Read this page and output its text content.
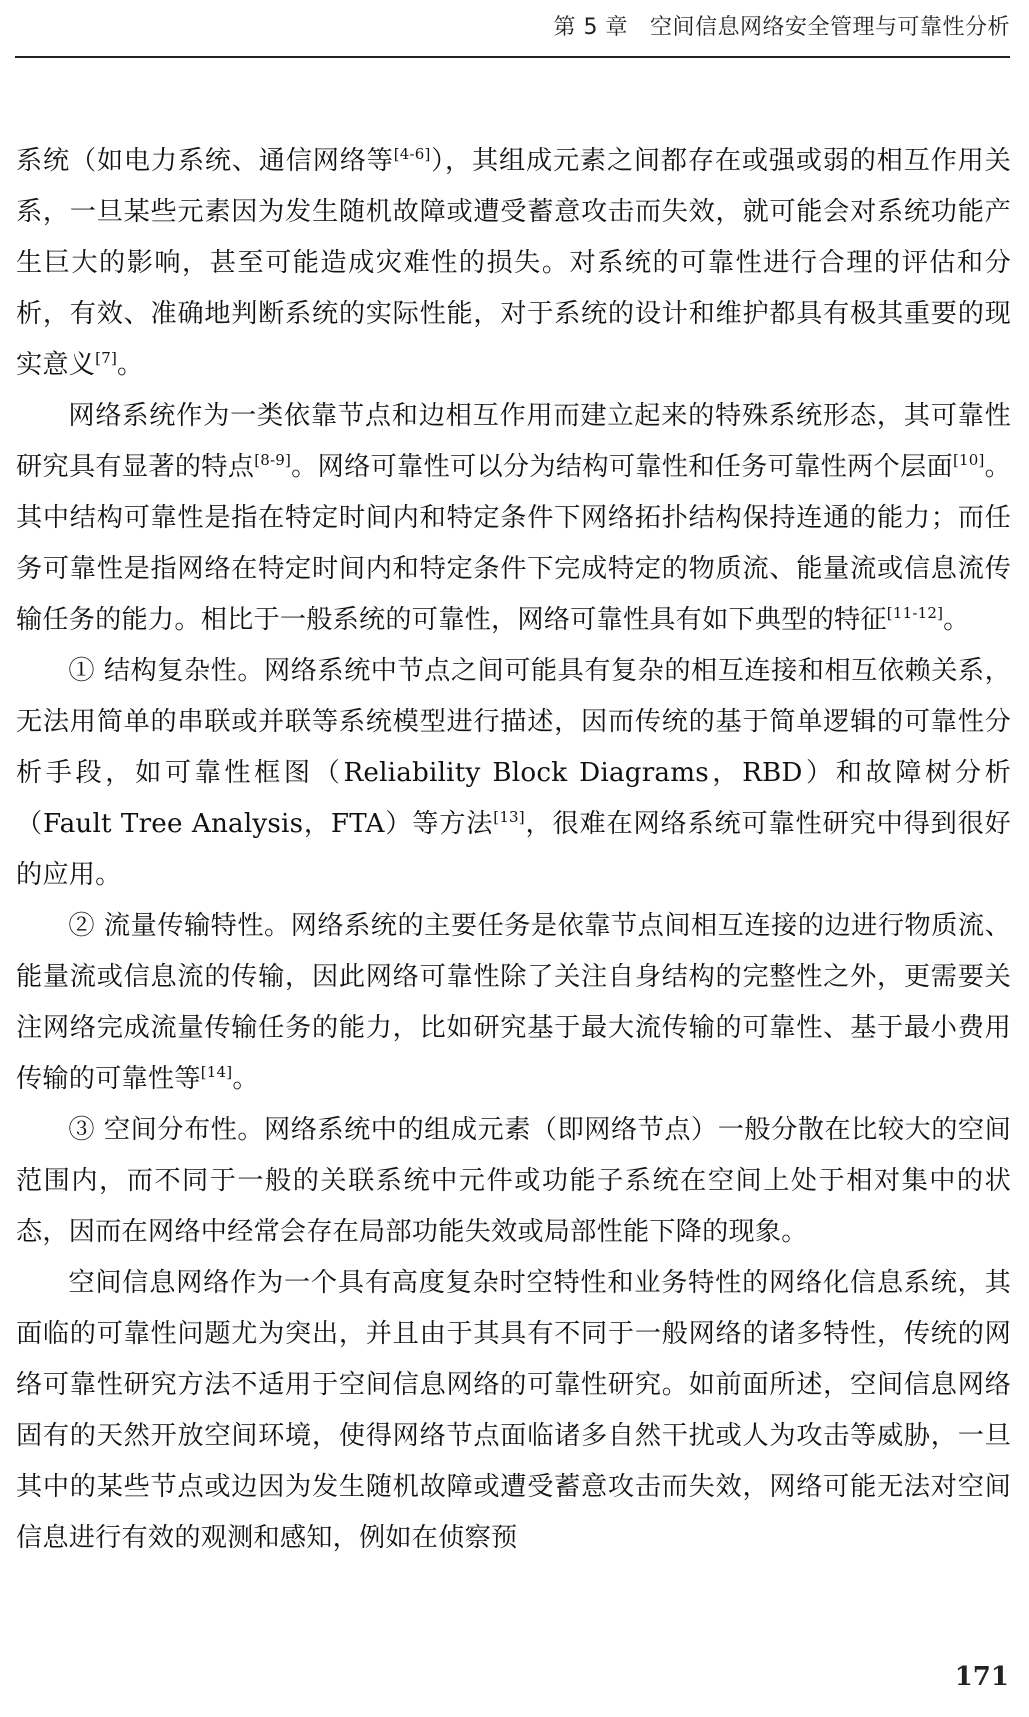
第 5 章 空间信息网络安全管理与可靠性分析

系统（如电力系统、通信网络等[4-6]），其组成元素之间都存在或强或弱的相互作用关系，一旦某些元素因为发生随机故障或遭受蓄意攻击而失效，就可能会对系统功能产生巨大的影响，甚至可能造成灾难性的损失。对系统的可靠性进行合理的评估和分析，有效、准确地判断系统的实际性能，对于系统的设计和维护都具有极其重要的现实意义[7]。

网络系统作为一类依靠节点和边相互作用而建立起来的特殊系统形态，其可靠性研究具有显著的特点[8-9]。网络可靠性可以分为结构可靠性和任务可靠性两个层面[10]。其中结构可靠性是指在特定时间内和特定条件下网络拓扑结构保持连通的能力；而任务可靠性是指网络在特定时间内和特定条件下完成特定的物质流、能量流或信息流传输任务的能力。相比于一般系统的可靠性，网络可靠性具有如下典型的特征[11-12]。

① 结构复杂性。网络系统中节点之间可能具有复杂的相互连接和相互依赖关系，无法用简单的串联或并联等系统模型进行描述，因而传统的基于简单逻辑的可靠性分析手段，如可靠性框图（Reliability Block Diagrams，RBD）和故障树分析（Fault Tree Analysis，FTA）等方法[13]，很难在网络系统可靠性研究中得到很好的应用。

② 流量传输特性。网络系统的主要任务是依靠节点间相互连接的边进行物质流、能量流或信息流的传输，因此网络可靠性除了关注自身结构的完整性之外，更需要关注网络完成流量传输任务的能力，比如研究基于最大流传输的可靠性、基于最小费用传输的可靠性等[14]。

③ 空间分布性。网络系统中的组成元素（即网络节点）一般分散在比较大的空间范围内，而不同于一般的关联系统中元件或功能子系统在空间上处于相对集中的状态，因而在网络中经常会存在局部功能失效或局部性能下降的现象。

空间信息网络作为一个具有高度复杂时空特性和业务特性的网络化信息系统，其面临的可靠性问题尤为突出，并且由于其具有不同于一般网络的诸多特性，传统的网络可靠性研究方法不适用于空间信息网络的可靠性研究。如前面所述，空间信息网络固有的天然开放空间环境，使得网络节点面临诸多自然干扰或人为攻击等威胁，一旦其中的某些节点或边因为发生随机故障或遭受蓄意攻击而失效，网络可能无法对空间信息进行有效的观测和感知，例如在侦察预

171
